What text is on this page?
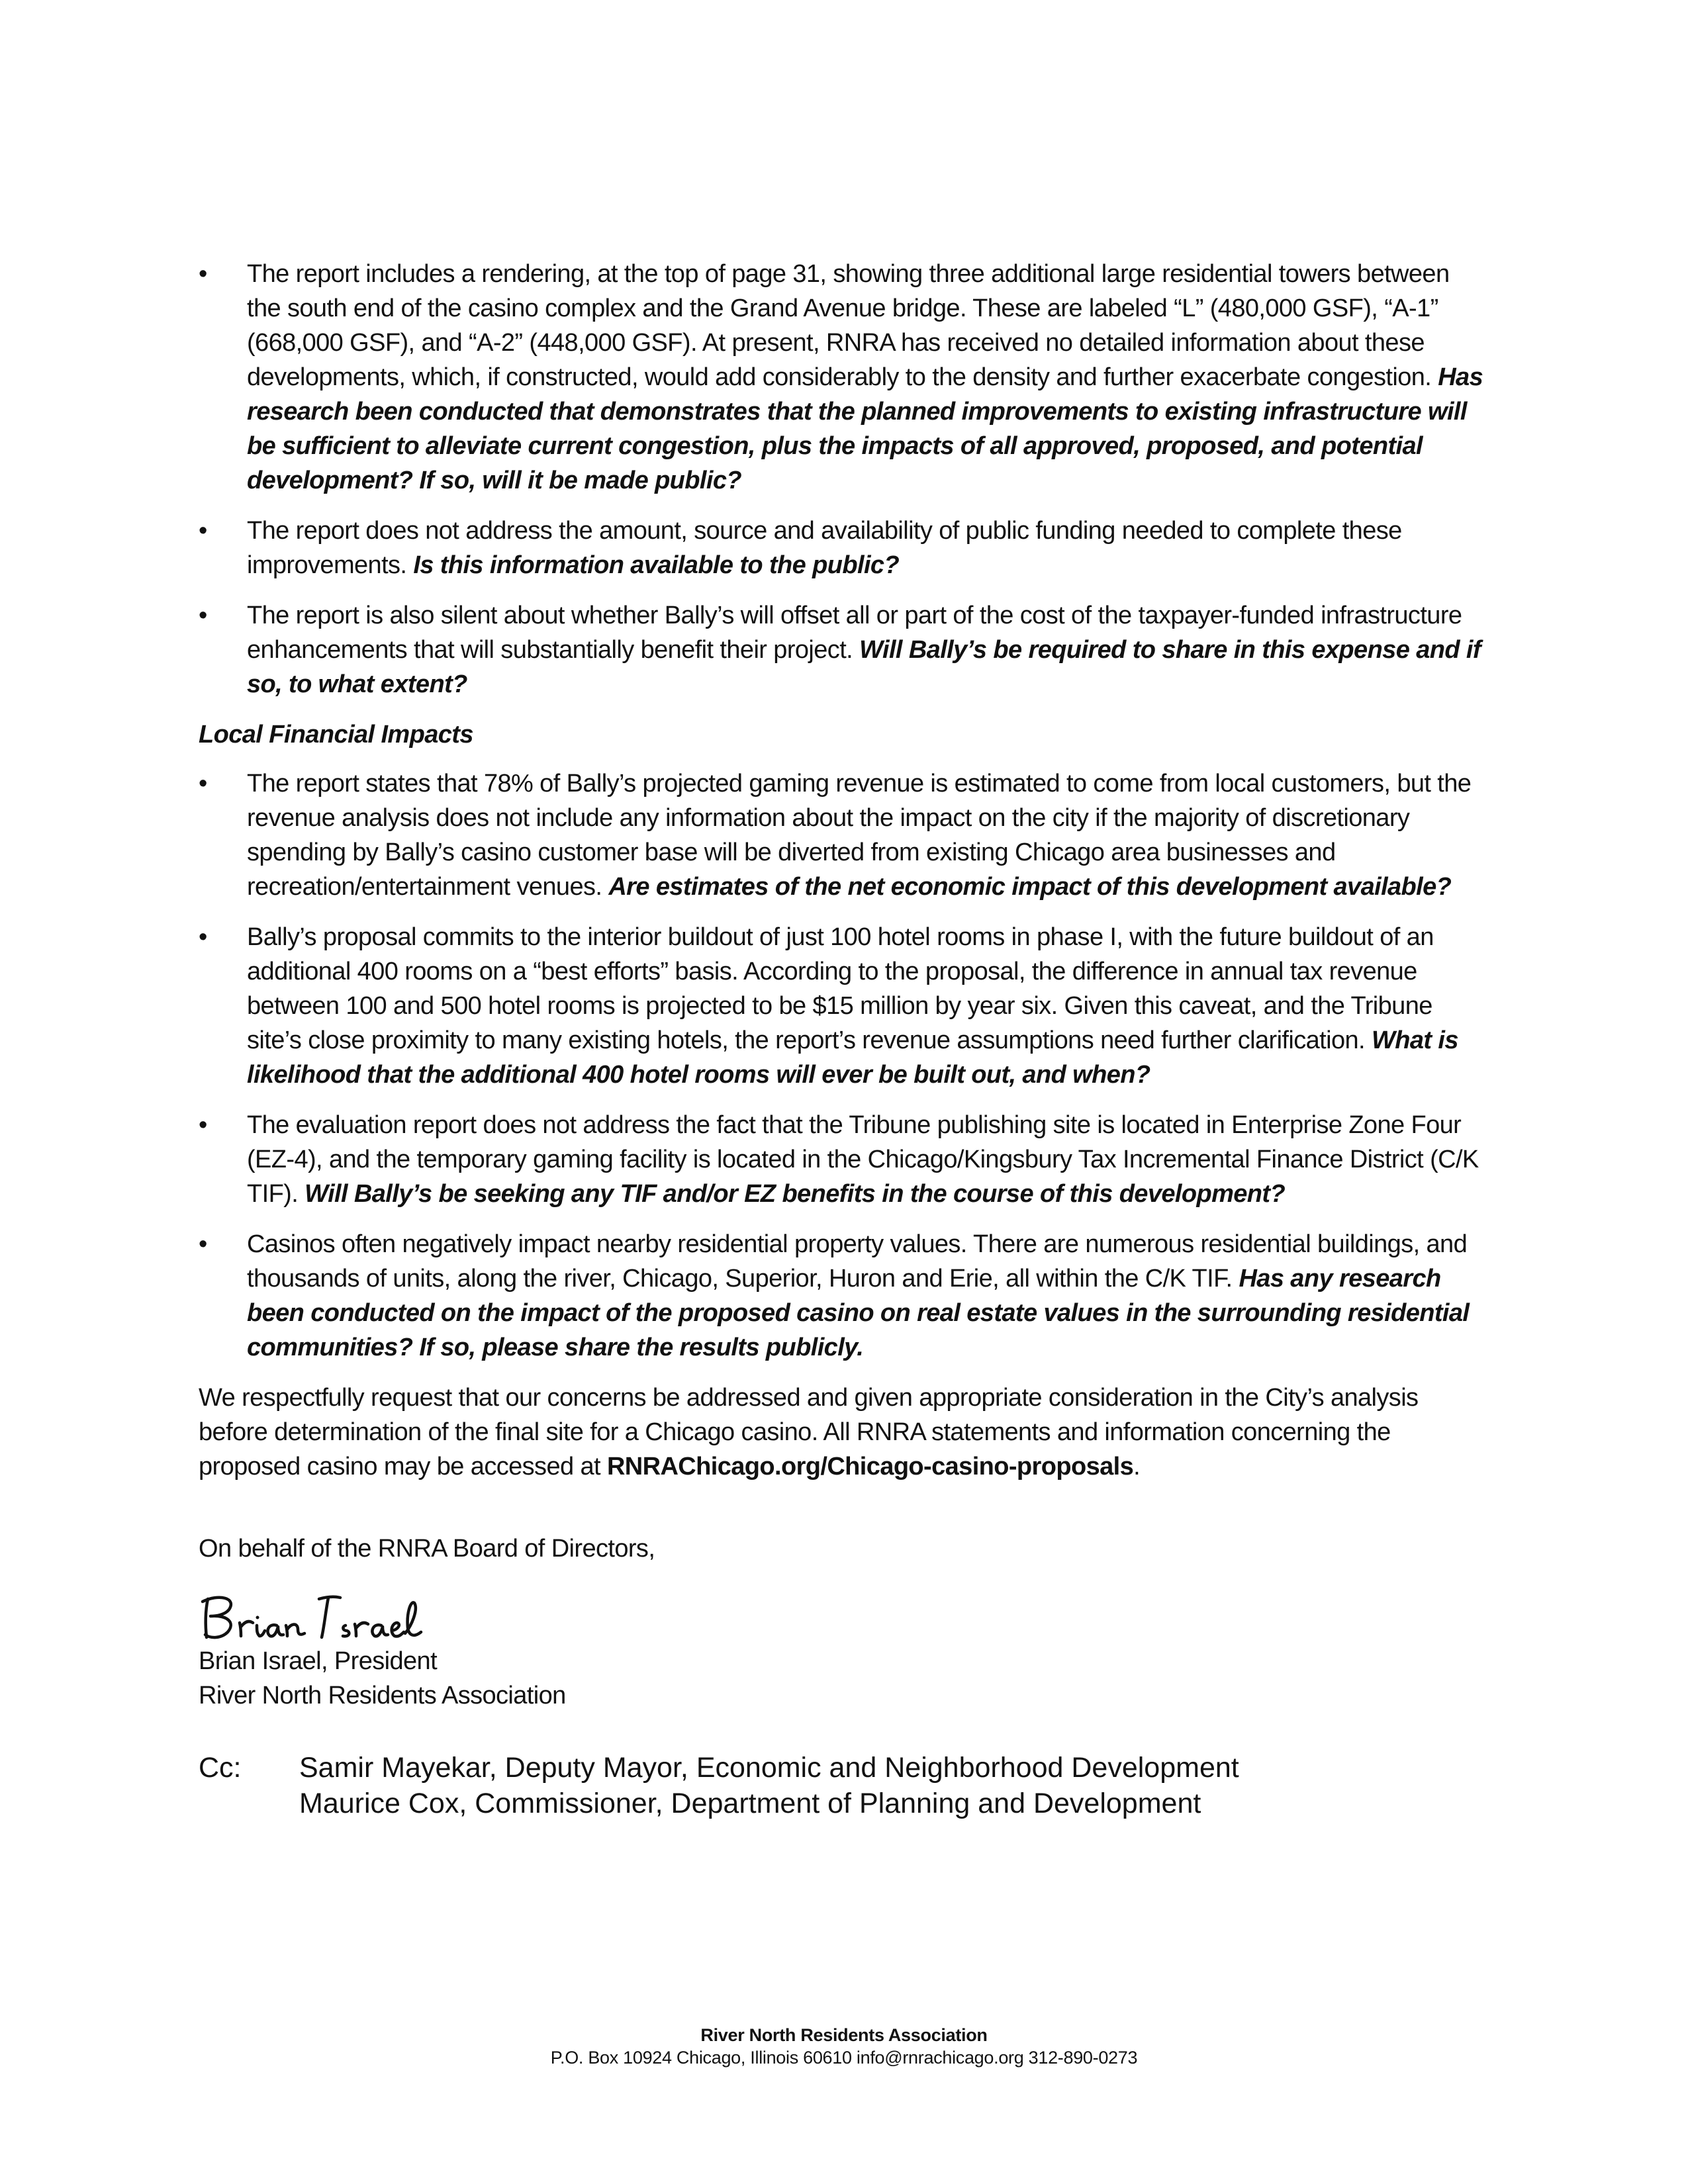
• The report includes a rendering, at the top of page 31, showing three additional large residential towers between the south end of the casino complex and the Grand Avenue bridge. These are labeled “L” (480,000 GSF), “A-1” (668,000 GSF), and “A-2” (448,000 GSF). At present, RNRA has received no detailed information about these developments, which, if constructed, would add considerably to the density and further exacerbate congestion. Has research been conducted that demonstrates that the planned improvements to existing infrastructure will be sufficient to alleviate current congestion, plus the impacts of all approved, proposed, and potential development? If so, will it be made public?
• The report does not address the amount, source and availability of public funding needed to complete these improvements. Is this information available to the public?
• The report is also silent about whether Bally’s will offset all or part of the cost of the taxpayer-funded infrastructure enhancements that will substantially benefit their project. Will Bally’s be required to share in this expense and if so, to what extent?
Local Financial Impacts
• The report states that 78% of Bally’s projected gaming revenue is estimated to come from local customers, but the revenue analysis does not include any information about the impact on the city if the majority of discretionary spending by Bally’s casino customer base will be diverted from existing Chicago area businesses and recreation/entertainment venues. Are estimates of the net economic impact of this development available?
• Bally’s proposal commits to the interior buildout of just 100 hotel rooms in phase I, with the future buildout of an additional 400 rooms on a “best efforts” basis. According to the proposal, the difference in annual tax revenue between 100 and 500 hotel rooms is projected to be $15 million by year six. Given this caveat, and the Tribune site’s close proximity to many existing hotels, the report’s revenue assumptions need further clarification. What is likelihood that the additional 400 hotel rooms will ever be built out, and when?
• The evaluation report does not address the fact that the Tribune publishing site is located in Enterprise Zone Four (EZ-4), and the temporary gaming facility is located in the Chicago/Kingsbury Tax Incremental Finance District (C/K TIF). Will Bally’s be seeking any TIF and/or EZ benefits in the course of this development?
• Casinos often negatively impact nearby residential property values. There are numerous residential buildings, and thousands of units, along the river, Chicago, Superior, Huron and Erie, all within the C/K TIF. Has any research been conducted on the impact of the proposed casino on real estate values in the surrounding residential communities? If so, please share the results publicly.

We respectfully request that our concerns be addressed and given appropriate consideration in the City’s analysis before determination of the final site for a Chicago casino. All RNRA statements and information concerning the proposed casino may be accessed at RNRAChicago.org/Chicago-casino-proposals.

On behalf of the RNRA Board of Directors,

Brian Israel, President

River North Residents Association

Cc:	Samir Mayekar, Deputy Mayor, Economic and Neighborhood Development
Maurice Cox, Commissioner, Department of Planning and Development
River North Residents Association
P.O. Box 10924 Chicago, Illinois 60610 info@rnrachicago.org 312-890-0273
